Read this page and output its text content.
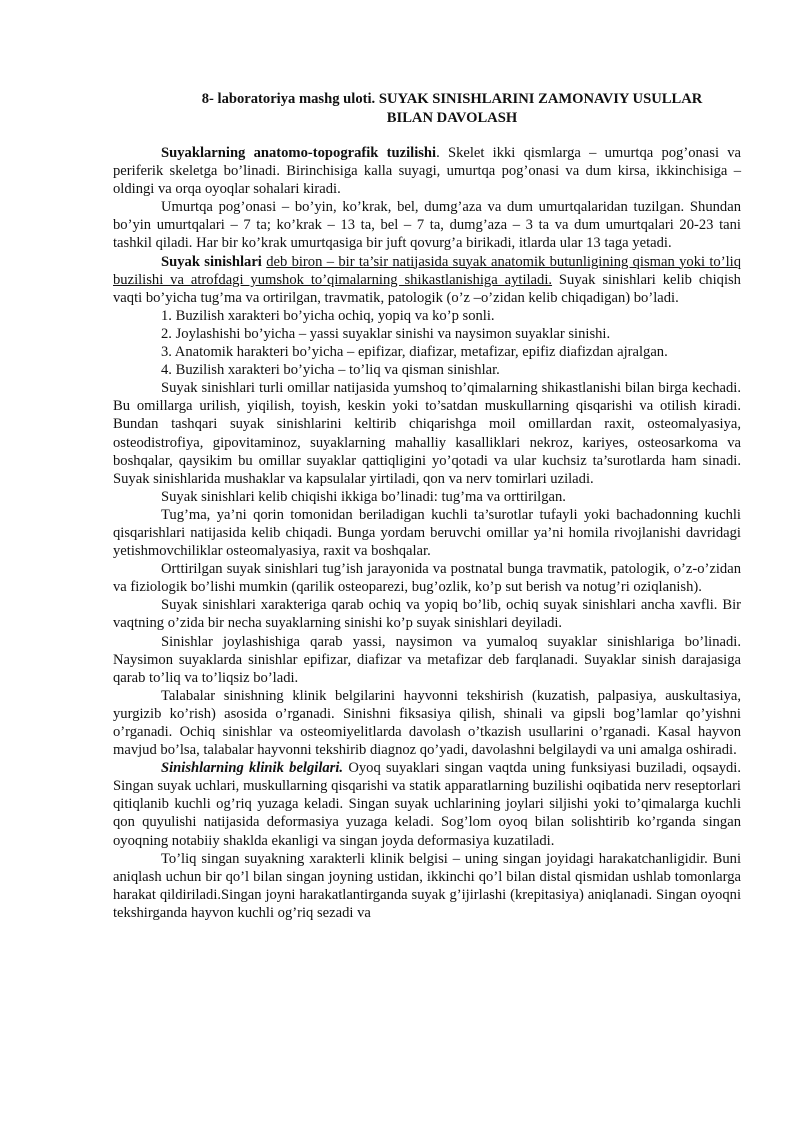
8- laboratoriya mashg uloti. SUYAK SINISHLARINI ZAMONAVIY USULLAR
BILAN DAVOLASH

Suyaklarning anatomo-topografik tuzilishi. Skelet ikki qismlarga – umurtqa pog’onasi va periferik skeletga bo’linadi. Birinchisiga kalla suyagi, umurtqa pog’onasi va dum kirsa, ikkinchisiga – oldingi va orqa oyoqlar sohalari kiradi.

Umurtqa pog’onasi – bo’yin, ko’krak, bel, dumg’aza va dum umurtqalaridan tuzilgan. Shundan bo’yin umurtqalari – 7 ta; ko’krak – 13 ta, bel – 7 ta, dumg’aza – 3 ta va dum umurtqalari 20-23 tani tashkil qiladi. Har bir ko’krak umurtqasiga bir juft qovurg’a birikadi, itlarda ular 13 taga yetadi.

Suyak sinishlari deb biron – bir ta’sir natijasida suyak anatomik butunligining qisman yoki to’liq buzilishi va atrofdagi yumshok to’qimalarning shikastlanishiga aytiladi. Suyak sinishlari kelib chiqish vaqti bo’yicha tug’ma va ortirilgan, travmatik, patologik (o’z –o’zidan kelib chiqadigan) bo’ladi.

1. Buzilish xarakteri bo’yicha ochiq, yopiq va ko’p sonli.

2. Joylashishi bo’yicha – yassi suyaklar sinishi va naysimon suyaklar sinishi.

3. Anatomik harakteri bo’yicha – epifizar, diafizar, metafizar, epifiz diafizdan ajralgan.

4. Buzilish xarakteri bo’yicha – to’liq va qisman sinishlar.

Suyak sinishlari turli omillar natijasida yumshoq to’qimalarning shikastlanishi bilan birga kechadi. Bu omillarga urilish, yiqilish, toyish, keskin yoki to’satdan muskullarning qisqarishi va otilish kiradi. Bundan tashqari suyak sinishlarini keltirib chiqarishga moil omillardan raxit, osteomalyasiya, osteodistrofiya, gipovitaminoz, suyaklarning mahalliy kasalliklari nekroz, kariyes, osteosarkoma va boshqalar, qaysikim bu omillar suyaklar qattiqligini yo’qotadi va ular kuchsiz ta’surotlarda ham sinadi. Suyak sinishlarida mushaklar va kapsulalar yirtiladi, qon va nerv tomirlari uziladi.

Suyak sinishlari kelib chiqishi ikkiga bo’linadi: tug’ma va orttirilgan.

Tug’ma, ya’ni qorin tomonidan beriladigan kuchli ta’surotlar tufayli yoki bachadonning kuchli qisqarishlari natijasida kelib chiqadi. Bunga yordam beruvchi omillar ya’ni homila rivojlanishi davridagi yetishmovchiliklar osteomalyasiya, raxit va boshqalar.

Orttirilgan suyak sinishlari tug’ish jarayonida va postnatal bunga travmatik, patologik, o’z-o’zidan va fiziologik bo’lishi mumkin (qarilik osteoparezi, bug’ozlik, ko’p sut berish va notug’ri oziqlanish).

Suyak sinishlari xarakteriga qarab ochiq va yopiq bo’lib, ochiq suyak sinishlari ancha xavfli. Bir vaqtning o’zida bir necha suyaklarning sinishi ko’p suyak sinishlari deyiladi.

Sinishlar joylashishiga qarab yassi, naysimon va yumaloq suyaklar sinishlariga bo’linadi. Naysimon suyaklarda sinishlar epifizar, diafizar va metafizar deb farqlanadi. Suyaklar sinish darajasiga qarab to’liq va to’liqsiz bo’ladi.

Talabalar sinishning klinik belgilarini hayvonni tekshirish (kuzatish, palpasiya, auskultasiya, yurgizib ko’rish) asosida o’rganadi. Sinishni fiksasiya qilish, shinali va gipsli bog’lamlar qo’yishni o’rganadi. Ochiq sinishlar va osteomiyelitlarda davolash o’tkazish usullarini o’rganadi. Kasal hayvon mavjud bo’lsa, talabalar hayvonni tekshirib diagnoz qo’yadi, davolashni belgilaydi va uni amalga oshiradi.

Sinishlarning klinik belgilari. Oyoq suyaklari singan vaqtda uning funksiyasi buziladi, oqsaydi. Singan suyak uchlari, muskullarning qisqarishi va statik apparatlarning buzilishi oqibatida nerv reseptorlari qitiqlanib kuchli og’riq yuzaga keladi. Singan suyak uchlarining joylari siljishi yoki to’qimalarga kuchli qon quyulishi natijasida deformasiya yuzaga keladi. Sog’lom oyoq bilan solishtirib ko’rganda singan oyoqning notabiiy shaklda ekanligi va singan joyda deformasiya kuzatiladi.

To’liq singan suyakning xarakterli klinik belgisi – uning singan joyidagi harakatchanligidir. Buni aniqlash uchun bir qo’l bilan singan joyning ustidan, ikkinchi qo’l bilan distal qismidan ushlab tomonlarga harakat qildiriladi.Singan joyni harakatlantirganda suyak g’ijirlashi (krepitasiya) aniqlanadi. Singan oyoqni tekshirganda hayvon kuchli og’riq sezadi va
